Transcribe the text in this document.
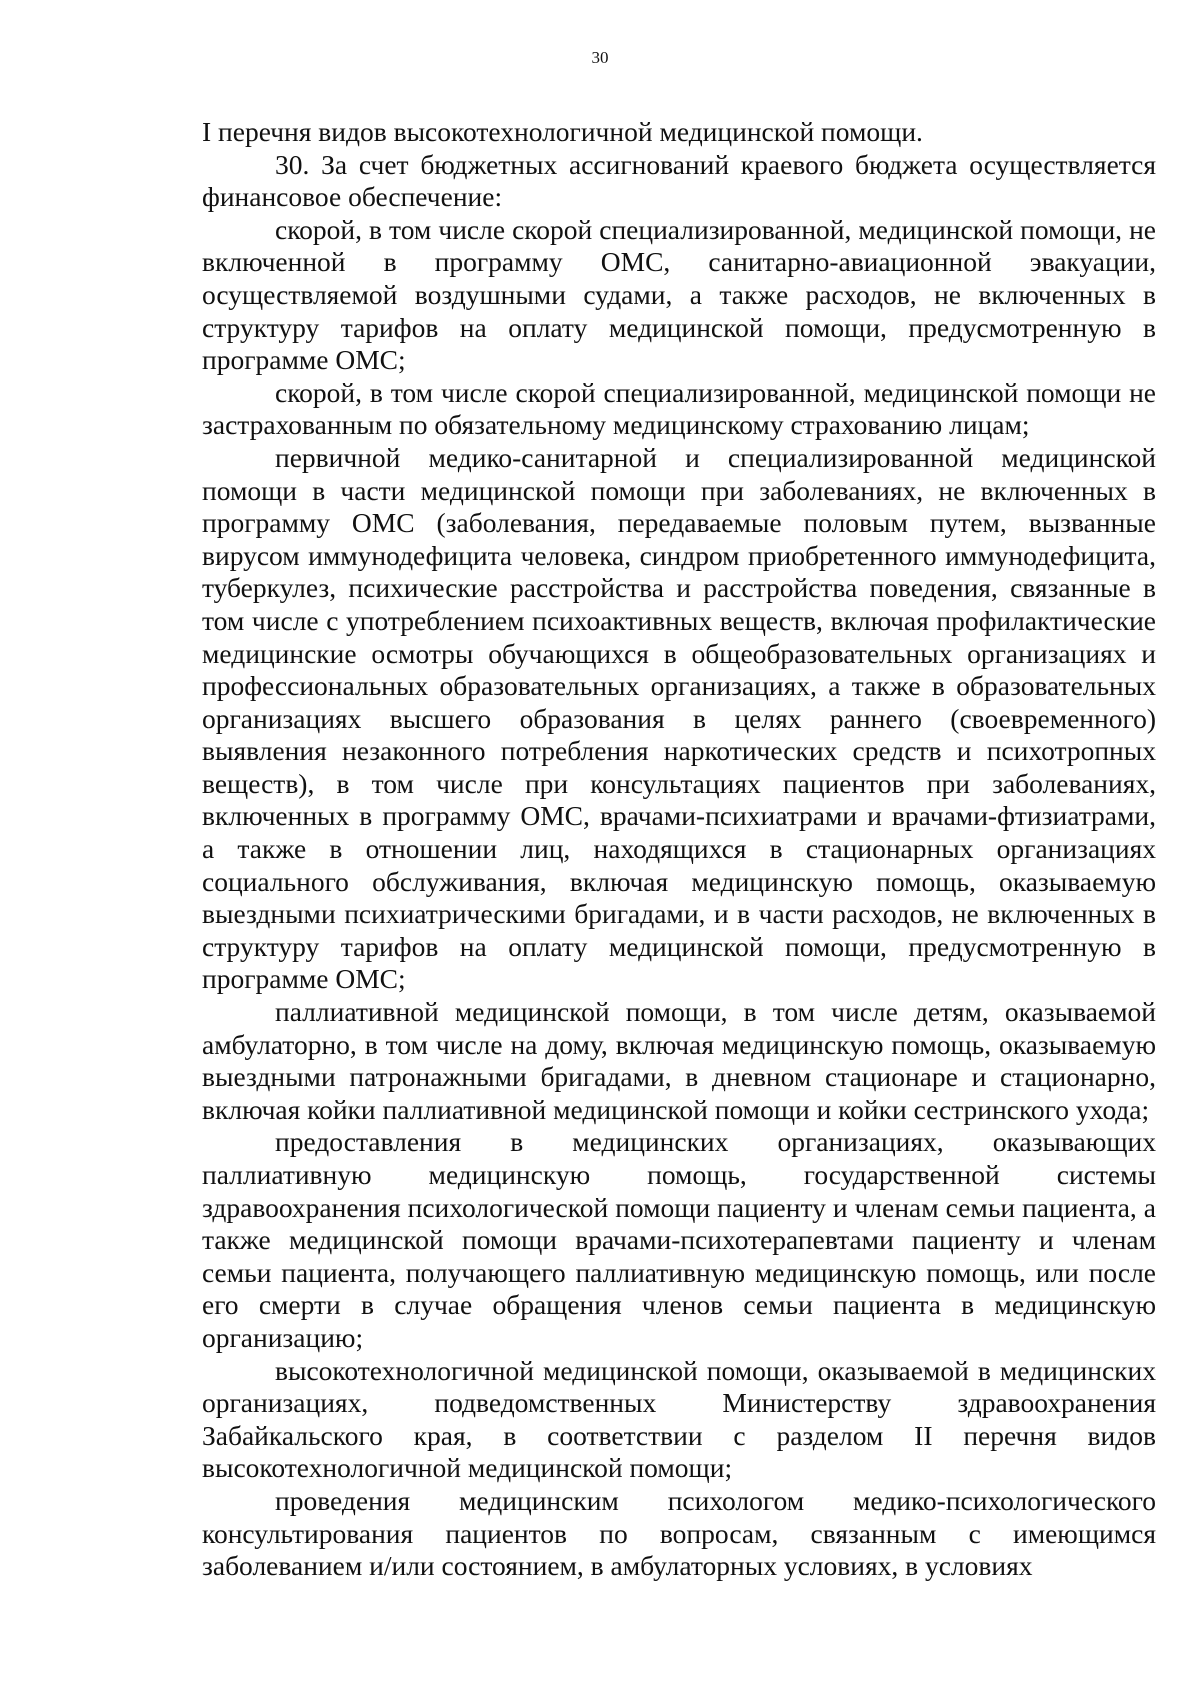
30

I перечня видов высокотехнологичной медицинской помощи.

30. За счет бюджетных ассигнований краевого бюджета осуществляется финансовое обеспечение:

скорой, в том числе скорой специализированной, медицинской помощи, не включенной в программу ОМС, санитарно-авиационной эвакуации, осуществляемой воздушными судами, а также расходов, не включенных в структуру тарифов на оплату медицинской помощи, предусмотренную в программе ОМС;

скорой, в том числе скорой специализированной, медицинской помощи не застрахованным по обязательному медицинскому страхованию лицам;

первичной медико-санитарной и специализированной медицинской помощи в части медицинской помощи при заболеваниях, не включенных в программу ОМС (заболевания, передаваемые половым путем, вызванные вирусом иммунодефицита человека, синдром приобретенного иммунодефицита, туберкулез, психические расстройства и расстройства поведения, связанные в том числе с употреблением психоактивных веществ, включая профилактические медицинские осмотры обучающихся в общеобразовательных организациях и профессиональных образовательных организациях, а также в образовательных организациях высшего образования в целях раннего (своевременного) выявления незаконного потребления наркотических средств и психотропных веществ), в том числе при консультациях пациентов при заболеваниях, включенных в программу ОМС, врачами-психиатрами и врачами-фтизиатрами, а также в отношении лиц, находящихся в стационарных организациях социального обслуживания, включая медицинскую помощь, оказываемую выездными психиатрическими бригадами, и в части расходов, не включенных в структуру тарифов на оплату медицинской помощи, предусмотренную в программе ОМС;

паллиативной медицинской помощи, в том числе детям, оказываемой амбулаторно, в том числе на дому, включая медицинскую помощь, оказываемую выездными патронажными бригадами, в дневном стационаре и стационарно, включая койки паллиативной медицинской помощи и койки сестринского ухода;

предоставления в медицинских организациях, оказывающих паллиативную медицинскую помощь, государственной системы здравоохранения психологической помощи пациенту и членам семьи пациента, а также медицинской помощи врачами-психотерапевтами пациенту и членам семьи пациента, получающего паллиативную медицинскую помощь, или после его смерти в случае обращения членов семьи пациента в медицинскую организацию;

высокотехнологичной медицинской помощи, оказываемой в медицинских организациях, подведомственных Министерству здравоохранения Забайкальского края, в соответствии с разделом II перечня видов высокотехнологичной медицинской помощи;

проведения медицинским психологом медико-психологического консультирования пациентов по вопросам, связанным с имеющимся заболеванием и/или состоянием, в амбулаторных условиях, в условиях
